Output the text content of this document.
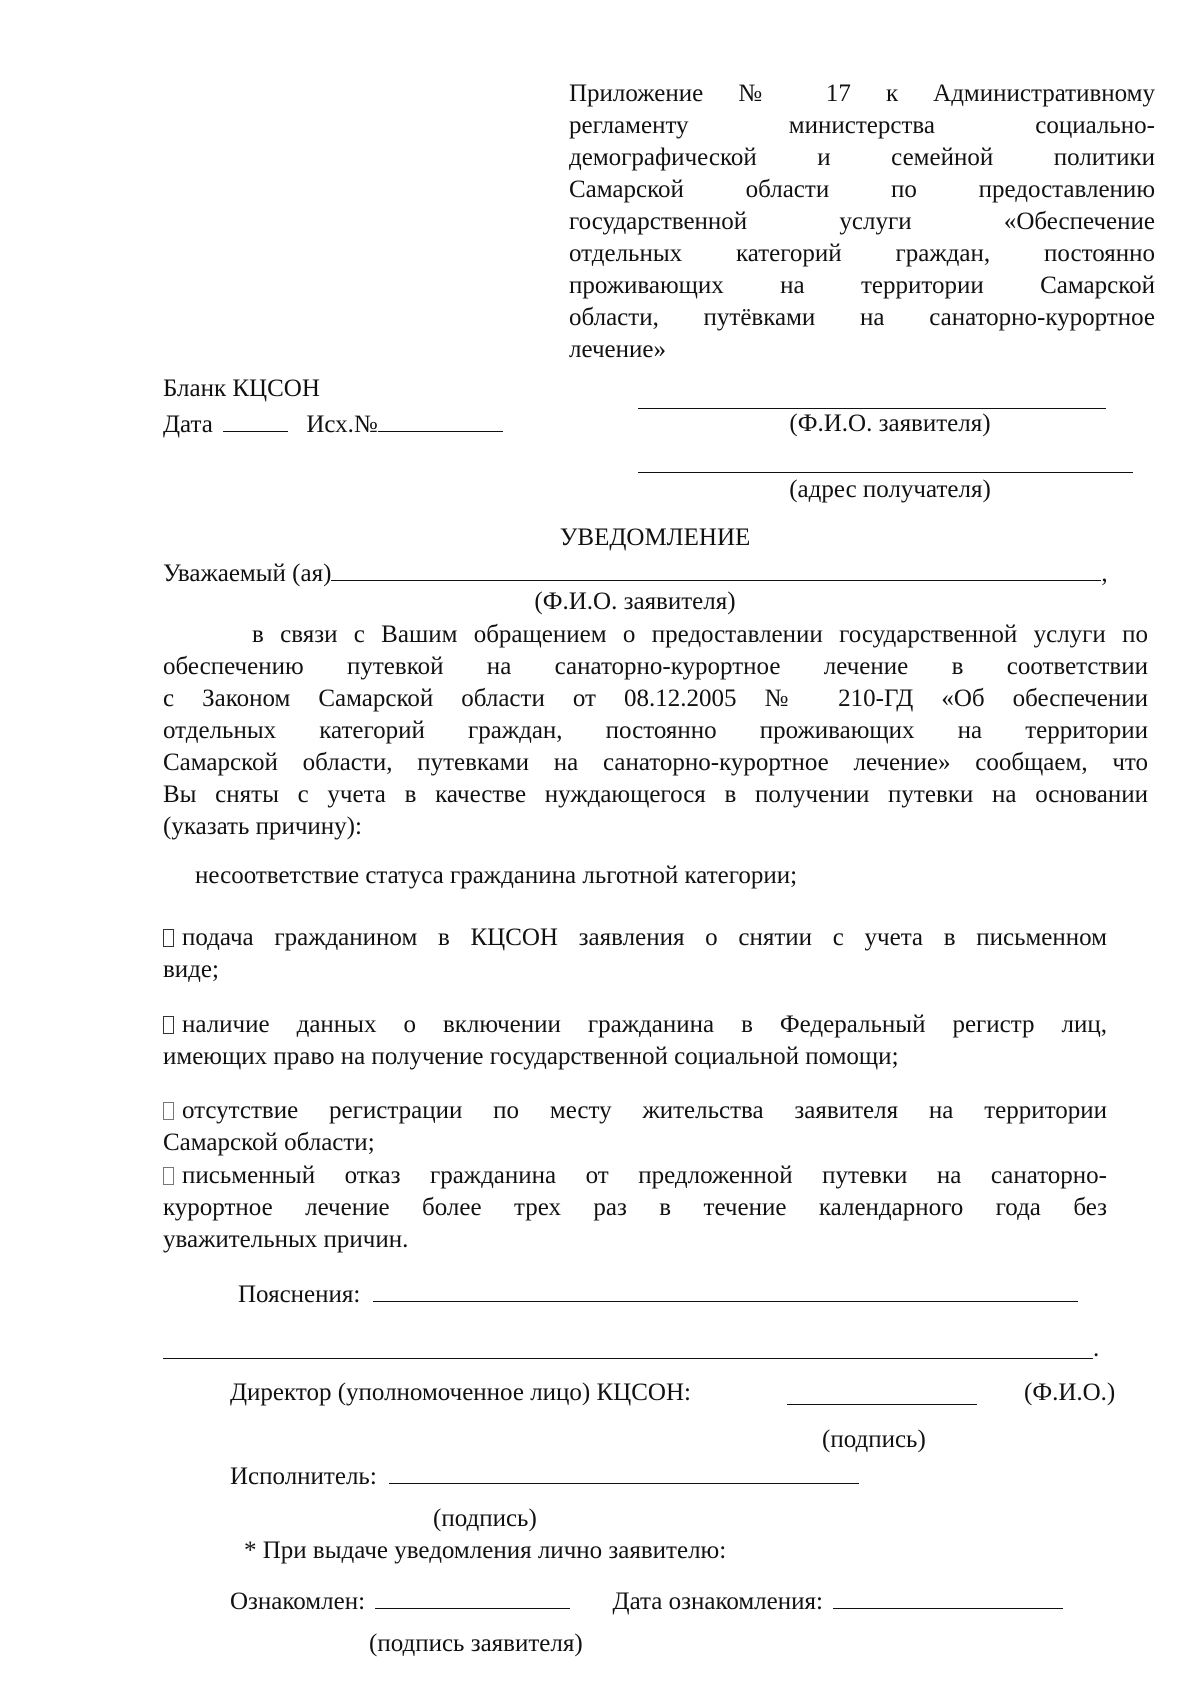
Приложение № 17 к Административному
регламенту министерства социально-
демографической и семейной политики
Самарской области по предоставлению
государственной услуги «Обеспечение
отдельных категорий граждан, постоянно
проживающих на территории Самарской
области, путёвками на санаторно-курортное
лечение»
Бланк КЦСОН
Дата	Исх.№	(Ф.И.О. заявителя)
(адрес получателя)
УВЕДОМЛЕНИЕ
Уважаемый (ая)	,
(Ф.И.О. заявителя)
в связи с Вашим обращением о предоставлении государственной услуги по
обеспечению путевкой на санаторно-курортное лечение в соответствии
с Законом Самарской области от 08.12.2005 № 210-ГД «Об обеспечении
отдельных категорий граждан, постоянно проживающих на территории
Самарской области, путевками на санаторно-курортное лечение» сообщаем, что
Вы сняты с учета в качестве нуждающегося в получении путевки на основании
(указать причину):
несоответствие статуса гражданина льготной категории;
подача гражданином в КЦСОН заявления о снятии с учета в письменном
виде;
наличие данных о включении гражданина в Федеральный регистр лиц,
имеющих право на получение государственной социальной помощи;
отсутствие регистрации по месту жительства заявителя на территории
Самарской области;
письменный отказ гражданина от предложенной путевки на санаторно-
курортное лечение более трех раз в течение календарного года без
уважительных причин.
Пояснения:
.
Директор (уполномоченное лицо) КЦСОН:	(Ф.И.О.)
(подпись)
Исполнитель:
(подпись)
* При выдаче уведомления лично заявителю:
Ознакомлен:	Дата ознакомления:
(подпись заявителя)
